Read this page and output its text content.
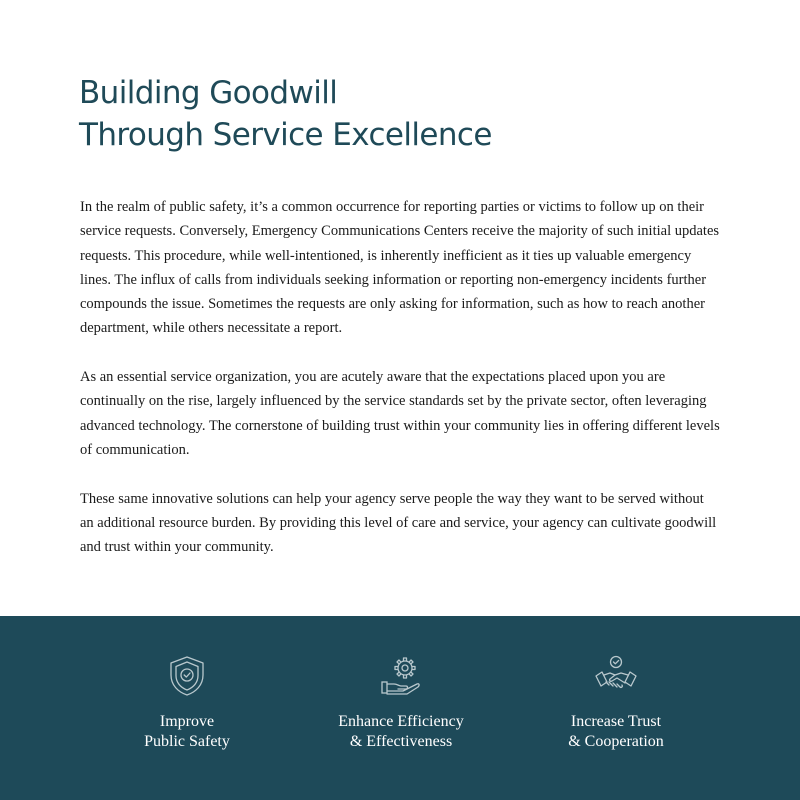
Building Goodwill
Through Service Excellence

In the realm of public safety, it’s a common occurrence for reporting parties or victims to follow up on their service requests. Conversely, Emergency Communications Centers receive the majority of such initial updates requests. This procedure, while well-intentioned, is inherently inefficient as it ties up valuable emergency lines. The influx of calls from individuals seeking information or reporting non-emergency incidents further compounds the issue. Sometimes the requests are only asking for information, such as how to reach another department, while others necessitate a report.

As an essential service organization, you are acutely aware that the expectations placed upon you are continually on the rise, largely influenced by the service standards set by the private sector, often leveraging advanced technology. The cornerstone of building trust within your community lies in offering different levels of communication.

These same innovative solutions can help your agency serve people the way they want to be served without an additional resource burden. By providing this level of care and service, your agency can cultivate goodwill and trust within your community.

Improve
Public Safety
Enhance Efficiency
& Effectiveness
Increase Trust
& Cooperation
